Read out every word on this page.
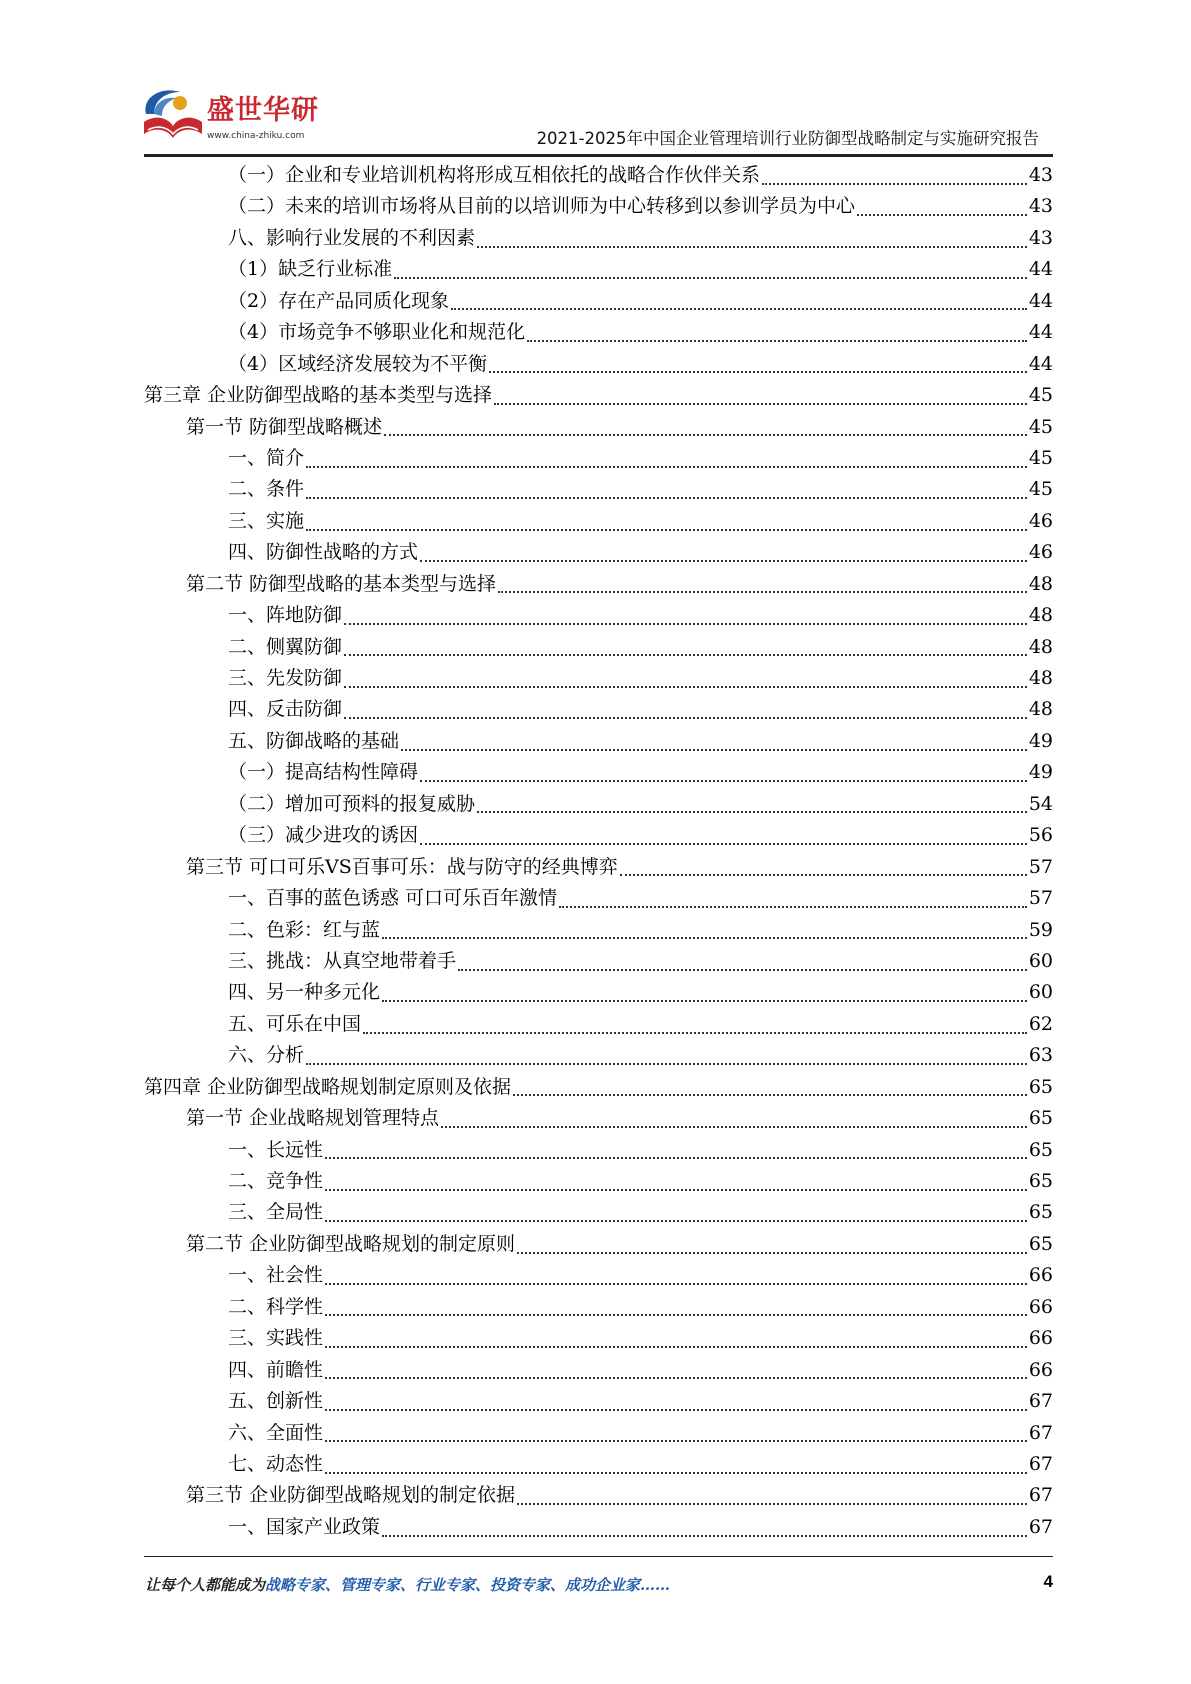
盛世华研
www.china-zhiku.com	2021-2025年中国企业管理培训行业防御型战略制定与实施研究报告
（一）企业和专业培训机构将形成互相依托的战略合作伙伴关系	43
（二）未来的培训市场将从目前的以培训师为中心转移到以参训学员为中心	43
八、影响行业发展的不利因素	43
（1）缺乏行业标准	44
（2）存在产品同质化现象	44
（4）市场竞争不够职业化和规范化	44
（4）区域经济发展较为不平衡	44
第三章 企业防御型战略的基本类型与选择	45
第一节 防御型战略概述	45
一、简介	45
二、条件	45
三、实施	46
四、防御性战略的方式	46
第二节 防御型战略的基本类型与选择	48
一、阵地防御	48
二、侧翼防御	48
三、先发防御	48
四、反击防御	48
五、防御战略的基础	49
（一）提高结构性障碍	49
（二）增加可预料的报复威胁	54
（三）减少进攻的诱因	56
第三节 可口可乐VS百事可乐：战与防守的经典博弈	57
一、百事的蓝色诱惑 可口可乐百年激情	57
二、色彩：红与蓝	59
三、挑战：从真空地带着手	60
四、另一种多元化	60
五、可乐在中国	62
六、分析	63
第四章 企业防御型战略规划制定原则及依据	65
第一节 企业战略规划管理特点	65
一、长远性	65
二、竞争性	65
三、全局性	65
第二节 企业防御型战略规划的制定原则	65
一、社会性	66
二、科学性	66
三、实践性	66
四、前瞻性	66
五、创新性	67
六、全面性	67
七、动态性	67
第三节 企业防御型战略规划的制定依据	67
一、国家产业政策	67
让每个人都能成为战略专家、管理专家、行业专家、投资专家、成功企业家……	4
